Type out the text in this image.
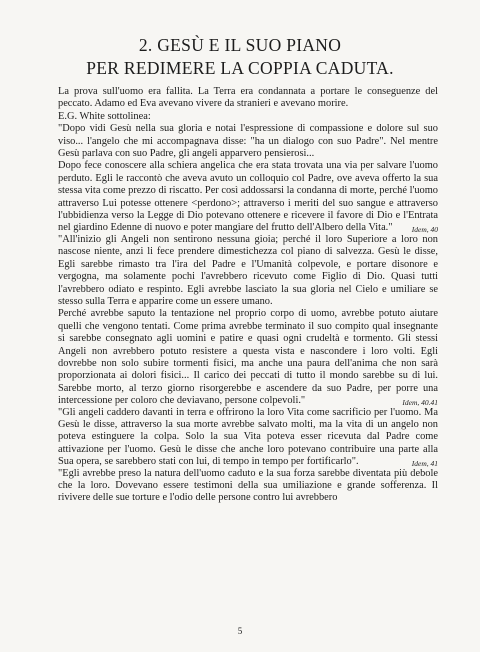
2. GESÙ E IL SUO PIANO
PER REDIMERE LA COPPIA CADUTA.

La prova sull'uomo era fallita. La Terra era condannata a portare le conseguenze del peccato. Adamo ed Eva avevano vivere da stranieri e avevano morire.

E.G. White sottolinea:

"Dopo vidi Gesù nella sua gloria e notai l'espressione di compassione e dolore sul suo viso... l'angelo che mi accompagnava disse: "ha un dialogo con suo Padre". Nel mentre Gesù parlava con suo Padre, gli angeli apparvero pensierosi...

Dopo fece conoscere alla schiera angelica che era stata trovata una via per salvare l'uomo perduto. Egli le raccontò che aveva avuto un colloquio col Padre, ove aveva offerto la sua stessa vita come prezzo di riscatto. Per così addossarsi la condanna di morte, perché l'uomo attraverso Lui potesse ottenere <perdono>; attraverso i meriti del suo sangue e attraverso l'ubbidienza verso la Legge di Dio potevano ottenere e ricevere il favore di Dio e l'Entrata nel giardino Edenne di nuovo e poter mangiare del frutto dell'Albero della Vita."	Idem, 40

"All'inizio gli Angeli non sentirono nessuna gioia; perché il loro Superiore a loro non nascose niente, anzi li fece prendere dimestichezza col piano di salvezza. Gesù le disse, Egli sarebbe rimasto tra l'ira del Padre e l'Umanità colpevole, e portare disonore e vergogna, ma solamente pochi l'avrebbero ricevuto come Figlio di Dio. Quasi tutti l'avrebbero odiato e respinto. Egli avrebbe lasciato la sua gloria nel Cielo e umiliare se stesso sulla Terra e apparire come un essere umano.

Perché avrebbe saputo la tentazione nel proprio corpo di uomo, avrebbe potuto aiutare quelli che vengono tentati. Come prima avrebbe terminato il suo compito qual insegnante si sarebbe consegnato agli uomini e patire e quasi ogni crudeltà e tormento. Gli stessi Angeli non avrebbero potuto resistere a questa vista e nascondere i loro volti. Egli dovrebbe non solo subire tormenti fisici, ma anche una paura dell'anima che non sarà proporzionata ai dolori fisici... Il carico dei peccati di tutto il mondo sarebbe su di lui. Sarebbe morto, al terzo giorno risorgerebbe e ascendere da suo Padre, per porre una intercessione per coloro che deviavano, persone colpevoli."	Idem, 40.41

"Gli angeli caddero davanti in terra e offrirono la loro Vita come sacrificio per l'uomo. Ma Gesù le disse, attraverso la sua morte avrebbe salvato molti, ma la vita di un angelo non poteva estinguere la colpa. Solo la sua Vita poteva esser ricevuta dal Padre come attivazione per l'uomo. Gesù le disse che anche loro potevano contribuire una parte alla Sua opera, se sarebbero stati con lui, di tempo in tempo per fortificarlo".	Idem, 41

"Egli avrebbe preso la natura dell'uomo caduto e la sua forza sarebbe diventata più debole che la loro. Dovevano essere testimoni della sua umiliazione e grande sofferenza. Il rivivere delle sue torture e l'odio delle persone contro lui avrebbero

5
